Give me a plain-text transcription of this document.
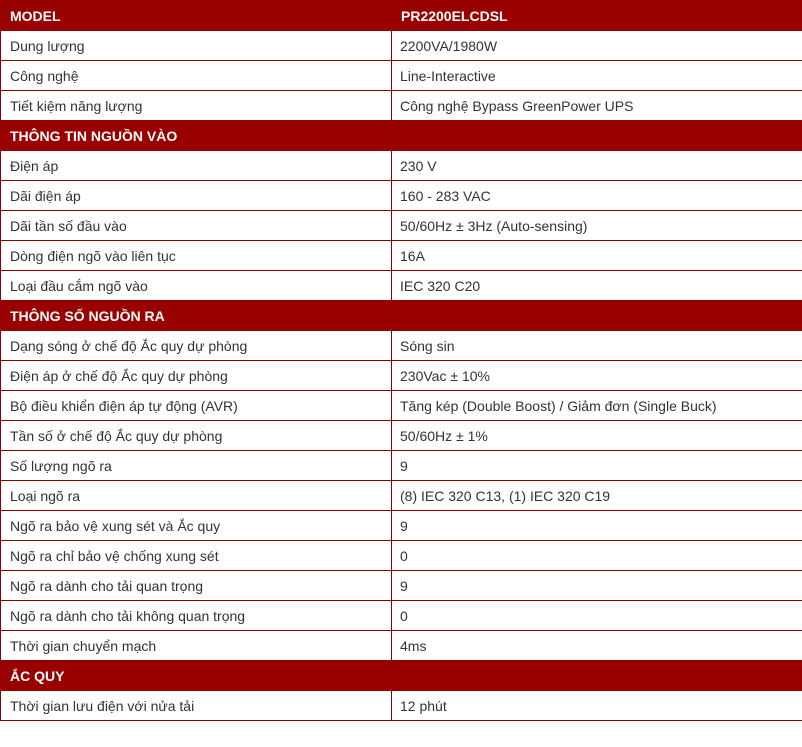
MODEL	PR2200ELCDSL
Dung lượng	2200VA/1980W
Công nghệ	Line-Interactive
Tiết kiệm năng lượng	Công nghệ Bypass GreenPower UPS
THÔNG TIN NGUỒN VÀO	
Điện áp	230 V
Dãi điện áp	160 - 283 VAC
Dãi tần số đầu vào	50/60Hz ± 3Hz (Auto-sensing)
Dòng điện ngõ vào liên tục	16A
Loại đầu cắm ngõ vào	IEC 320 C20
THÔNG SỐ NGUỒN RA	
Dạng sóng ở chế độ Ắc quy dự phòng	Sóng sin
Điện áp ở chế độ Ắc quy dự phòng	230Vac ± 10%
Bộ điều khiển điện áp tự động (AVR)	Tăng kép (Double Boost) / Giảm đơn (Single Buck)
Tần số ở chế độ Ắc quy dự phòng	50/60Hz ± 1%
Số lượng ngõ ra	9
Loại ngõ ra	(8) IEC 320 C13, (1) IEC 320 C19
Ngõ ra bảo vệ xung sét và Ắc quy	9
Ngõ ra chỉ bảo vệ chống xung sét	0
Ngõ ra dành cho tải quan trọng	9
Ngõ ra dành cho tải không quan trọng	0
Thời gian chuyển mạch	4ms
ẮC QUY	
Thời gian lưu điện với nửa tải	12 phút
